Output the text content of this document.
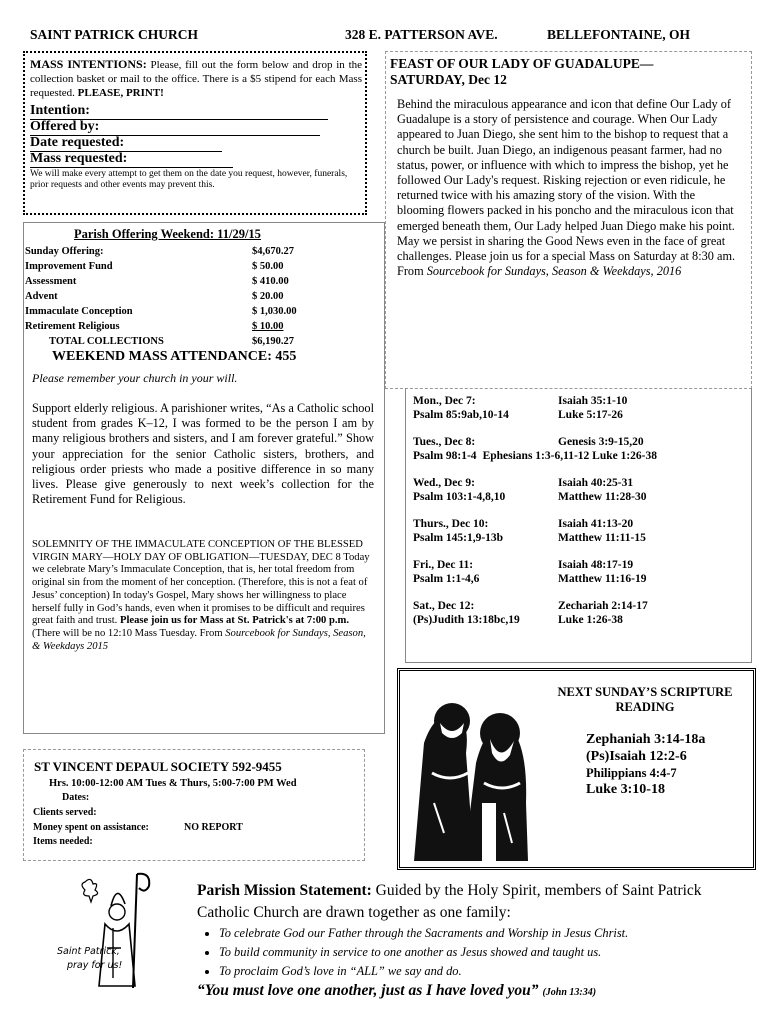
SAINT PATRICK CHURCH	328 E. PATTERSON AVE.	BELLEFONTAINE, OH
MASS INTENTIONS: Please, fill out the form below and drop in the collection basket or mail to the office. There is a $5 stipend for each Mass requested. PLEASE, PRINT!
Intention:
Offered by:
Date requested:
Mass requested:
We will make every attempt to get them on the date you request, however, funerals, prior requests and other events may prevent this.
FEAST OF OUR LADY OF GUADALUPE—
SATURDAY, Dec 12
Behind the miraculous appearance and icon that define Our Lady of Guadalupe is a story of persistence and courage. When Our Lady appeared to Juan Diego, she sent him to the bishop to request that a church be built. Juan Diego, an indigenous peasant farmer, had no status, power, or influence with which to impress the bishop, yet he followed Our Lady's request. Risking rejection or even ridicule, he returned twice with his amazing story of the vision. With the blooming flowers packed in his poncho and the miraculous icon that emerged beneath them, Our Lady helped Juan Diego make his point. May we persist in sharing the Good News even in the face of great challenges. Please join us for a special Mass on Saturday at 8:30 am. From Sourcebook for Sundays, Season & Weekdays, 2016
Parish Offering Weekend: 11/29/15
Sunday Offering:	$4,670.27
Improvement Fund	$ 50.00
Assessment	$ 410.00
Advent	$ 20.00
Immaculate Conception	$ 1,030.00
Retirement Religious	$ 10.00
TOTAL COLLECTIONS	$6,190.27
WEEKEND MASS ATTENDANCE: 455
Please remember your church in your will.
Support elderly religious. A parishioner writes, “As a Catholic school student from grades K–12, I was formed to be the person I am by many religious brothers and sisters, and I am forever grateful.” Show your appreciation for the senior Catholic sisters, brothers, and religious order priests who made a positive difference in so many lives. Please give generously to next week’s collection for the Retirement Fund for Religious.
SOLEMNITY OF THE IMMACULATE CONCEPTION OF THE BLESSED VIRGIN MARY—HOLY DAY OF OBLIGATION—TUESDAY, DEC 8 Today we celebrate Mary’s Immaculate Conception, that is, her total freedom from original sin from the moment of her conception. (Therefore, this is not a feat of Jesus’ conception) In today's Gospel, Mary shows her willingness to place herself fully in God’s hands, even when it promises to be difficult and requires great faith and trust. Please join us for Mass at St. Patrick's at 7:00 p.m. (There will be no 12:10 Mass Tuesday. From Sourcebook for Sundays, Season, & Weekdays 2015
Mon., Dec 7:	Isaiah 35:1-10
Psalm 85:9ab,10-14	Luke 5:17-26
Tues., Dec 8:	Genesis 3:9-15,20
Psalm 98:1-4 Ephesians 1:3-6,11-12 Luke 1:26-38
Wed., Dec 9:	Isaiah 40:25-31
Psalm 103:1-4,8,10	Matthew 11:28-30
Thurs., Dec 10:	Isaiah 41:13-20
Psalm 145:1,9-13b	Matthew 11:11-15
Fri., Dec 11:	Isaiah 48:17-19
Psalm 1:1-4,6	Matthew 11:16-19
Sat., Dec 12:	Zechariah 2:14-17
(Ps)Judith 13:18bc,19	Luke 1:26-38
NEXT SUNDAY’S SCRIPTURE
READING
Zephaniah 3:14-18a
(Ps)Isaiah 12:2-6
Philippians 4:4-7
Luke 3:10-18
ST VINCENT DEPAUL SOCIETY 592-9455
Hrs. 10:00-12:00 AM Tues & Thurs, 5:00-7:00 PM Wed
Dates:
Clients served:
Money spent on assistance:	NO REPORT
Items needed:
Saint Patrick,
pray for us!
Parish Mission Statement: Guided by the Holy Spirit, members of Saint Patrick Catholic Church are drawn together as one family:
• To celebrate God our Father through the Sacraments and Worship in Jesus Christ.
• To build community in service to one another as Jesus showed and taught us.
• To proclaim God’s love in “ALL” we say and do.
“You must love one another, just as I have loved you” (John 13:34)
